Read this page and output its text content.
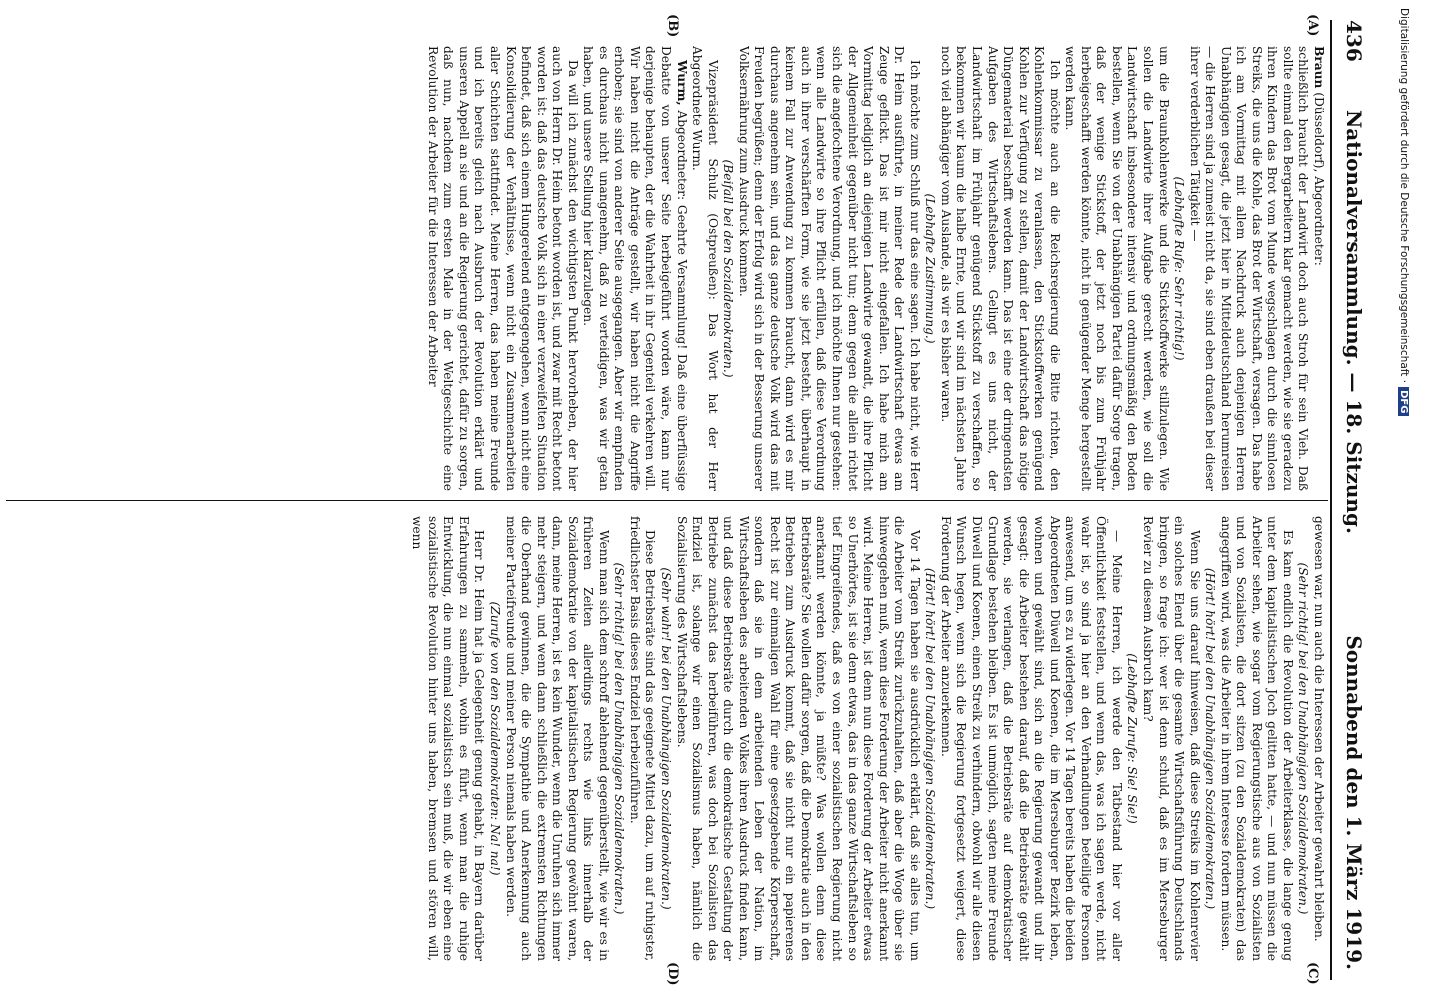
436
Nationalversammlung. — 18. Sitzung.
Sonnabend den 1. März 1919.
(A)
(B)
(C)
(D)

Braun (Düsseldorf), Abgeordneter:

schließlich braucht der Landwirt doch auch Stroh für sein Vieh. Daß sollte einmal den Bergarbeitern klar gemacht werden, wie sie geradezu ihren Kindern das Brot vom Munde wegschlagen durch die sinnlosen Streiks, die uns die Kohle, das Brot der Wirtschaft, versagen. Das habe ich am Vormittag mit allem Nachdruck auch denjenigen Herren Unabhängigen gesagt, die jetzt hier in Mitteldeutschland herumreisen — die Herren sind ja zumeist nicht da, sie sind eben draußen bei dieser ihrer verderblichen Tätigkeit —

(Lebhafte Rufe: Sehr richtig!)

um die Braunkohlenwerke und die Stickstoffwerke stillzulegen. Wie sollen die Landwirte ihrer Aufgabe gerecht werden, wie soll die Landwirtschaft insbesondere intensiv und ordnungsmäßig den Boden bestellen, wenn Sie von der Unabhängigen Partei dafür Sorge tragen, daß der wenige Stickstoff, der jetzt noch bis zum Frühjahr herbeigeschafft werden könnte, nicht in genügender Menge hergestellt werden kann.

Ich möchte auch an die Reichsregierung die Bitte richten, den Kohlenkommissar zu veranlassen, den Stickstoffwerken genügend Kohlen zur Verfügung zu stellen, damit der Landwirtschaft das nötige Düngematerial beschafft werden kann. Das ist eine der dringendsten Aufgaben des Wirtschaftslebens. Gelingt es uns nicht, der Landwirtschaft im Frühjahr genügend Stickstoff zu verschaffen, so bekommen wir kaum die halbe Ernte, und wir sind im nächsten Jahre noch viel abhängiger vom Auslande, als wir es bisher waren.

(Lebhafte Zustimmung.)

Ich möchte zum Schluß nur das eine sagen. Ich habe nicht, wie Herr Dr. Heim ausführte, in meiner Rede der Landwirtschaft etwas am Zeuge geflickt. Das ist mir nicht eingefallen. Ich habe mich am Vormittag lediglich an diejenigen Landwirte gewandt, die ihre Pflicht der Allgemeinheit gegenüber nicht tun; denn gegen die allein richtet sich die angefochtene Verordnung, und ich möchte Ihnen nur gestehen: wenn alle Landwirte so ihre Pflicht erfüllen, daß diese Verordnung auch in ihrer verschärften Form, wie sie jetzt besteht, überhaupt in keinem Fall zur Anwendung zu kommen braucht, dann wird es mir durchaus angenehm sein, und das ganze deutsche Volk wird das mit Freuden begrüßen; denn der Erfolg wird sich in der Besserung unserer Volksernährung zum Ausdruck kommen.

(Beifall bei den Sozialdemokraten.)

Vizepräsident Schulz (Ostpreußen): Das Wort hat der Herr Abgeordnete Wurm.

Wurm, Abgeordneter: Geehrte Versammlung! Daß eine überflüssige Debatte von unserer Seite herbeigeführt worden wäre, kann nur derjenige behaupten, der die Wahrheit in ihr Gegenteil verkehren will. Wir haben nicht die Anträge gestellt, wir haben nicht die Angriffe erhoben; sie sind von anderer Seite ausgegangen. Aber wir empfinden es durchaus nicht unangenehm, daß zu verteidigen, was wir getan haben, und unsere Stellung hier klarzulegen.

Da will ich zunächst den wichtigsten Punkt hervorheben, der hier auch von Herrn Dr. Heim betont worden ist, und zwar mit Recht betont worden ist: daß das deutsche Volk sich in einer verzweifelten Situation befindet, daß sich einem Hungerelend entgegengehen, wenn nicht eine Konsolidierung der Verhältnisse, wenn nicht ein Zusammenarbeiten aller Schichten stattfindet. Meine Herren, das haben meine Freunde und ich bereits gleich nach Ausbruch der Revolution erklärt und unseren Appell an sie und an die Regierung gerichtet, dafür zu sorgen, daß nun, nachdem zum ersten Male in der Weltgeschichte eine Revolution der Arbeiter für die Interessen der Arbeiter

gewesen war, nun auch die Interessen der Arbeiter gewahrt bleiben.

(Sehr richtig! bei den Unabhängigen Sozialdemokraten.)

Es kam endlich die Revolution der Arbeiterklasse, die lange genug unter dem kapitalistischen Joch gelitten hatte, — und nun müssen die Arbeiter sehen, wie sogar vom Regierungstische aus von Sozialisten und von Sozialisten, die dort sitzen (zu den Sozialdemokraten) das angegriffen wird, was die Arbeiter in ihrem Interesse fordern müssen.

(Hört! hört! bei den Unabhängigen Sozialdemokraten.)

Wenn Sie uns darauf hinweisen, daß diese Streiks im Kohlenrevier ein solches Elend über die gesamte Wirtschaftsführung Deutschlands bringen, so frage ich: wer ist denn schuld, daß es im Merseburger Revier zu diesem Ausbruch kam?

(Lebhafte Zurufe: Sie! Sie!)

— Meine Herren, ich werde den Tatbestand hier vor aller Öffentlichkeit feststellen, und wenn das, was ich sagen werde, nicht wahr ist, so sind ja hier an den Verhandlungen beteiligte Personen anwesend, um es zu widerlegen. Vor 14 Tagen bereits haben die beiden Abgeordneten Düwell und Koenen, die im Merseburger Bezirk leben, wohnen und gewählt sind, sich an die Regierung gewandt und ihr gesagt: die Arbeiter bestehen darauf, daß die Betriebsräte gewählt werden, sie verlangen, daß die Betriebsräte auf demokratischer Grundlage bestehen bleiben. Es ist unmöglich, sagten meine Freunde Düwell und Koenen, einen Streik zu verhindern, obwohl wir alle diesen Wunsch hegen, wenn sich die Regierung fortgesetzt weigert, diese Forderung der Arbeiter anzuerkennen.

(Hört! hört! bei den Unabhängigen Sozialdemokraten.)

Vor 14 Tagen haben sie ausdrücklich erklärt, daß sie alles tun, um die Arbeiter vom Streik zurückzuhalten, daß aber die Woge über sie hinweggehen muß, wenn diese Forderung der Arbeiter nicht anerkannt wird. Meine Herren, ist denn nun diese Forderung der Arbeiter etwas so Unerhörtes, ist sie denn etwas, das in das ganze Wirtschaftsleben so tief Eingreifendes, daß es von einer sozialistischen Regierung nicht anerkannt werden könnte, ja müßte? Was wollen denn diese Betriebsräte? Sie wollen dafür sorgen, daß die Demokratie auch in den Betrieben zum Ausdruck kommt, daß sie nicht nur ein papierenes Recht ist zur einmaligen Wahl für eine gesetzgebende Körperschaft, sondern daß sie in dem arbeitenden Leben der Nation, im Wirtschaftsleben des arbeitenden Volkes ihren Ausdruck finden kann, und daß diese Betriebsräte durch die demokratische Gestaltung der Betriebe zunächst das herbeiführen, was doch bei Sozialisten das Endziel ist, solange wir einen Sozialismus haben, nämlich die Sozialisierung des Wirtschaftslebens.

(Sehr wahr! bei den Unabhängigen Sozialdemokraten.)

Diese Betriebsräte sind das geeignete Mittel dazu, um auf ruhigster, friedlichster Basis dieses Endziel herbeizuführen.

(Sehr richtig! bei den Unabhängigen Sozialdemokraten.)

Wenn man sich dem schroff ablehnend gegenüberstellt, wie wir es in früheren Zeiten allerdings rechts wie links innerhalb der Sozialdemokratie von der kapitalistischen Regierung gewöhnt waren, dann, meine Herren, ist es kein Wunder, wenn die Unruhen sich immer mehr steigern, und wenn dann schließlich die extremsten Richtungen die Oberhand gewinnen, die die Sympathie und Anerkennung auch meiner Parteifreunde und meiner Person niemals haben werden.

(Zurufe von den Sozialdemokraten: Na! na!)

Herr Dr. Heim hat ja Gelegenheit genug gehabt, in Bayern darüber Erfahrungen zu sammeln, wohin es führt, wenn man die ruhige Entwicklung, die nun einmal sozialistisch sein muß, die wir eben eine sozialistische Revolution hinter uns haben, bremsen und stören will, wenn

Digitalisierung gefördert durch die Deutsche Forschungsgemeinschaft ·DFG
